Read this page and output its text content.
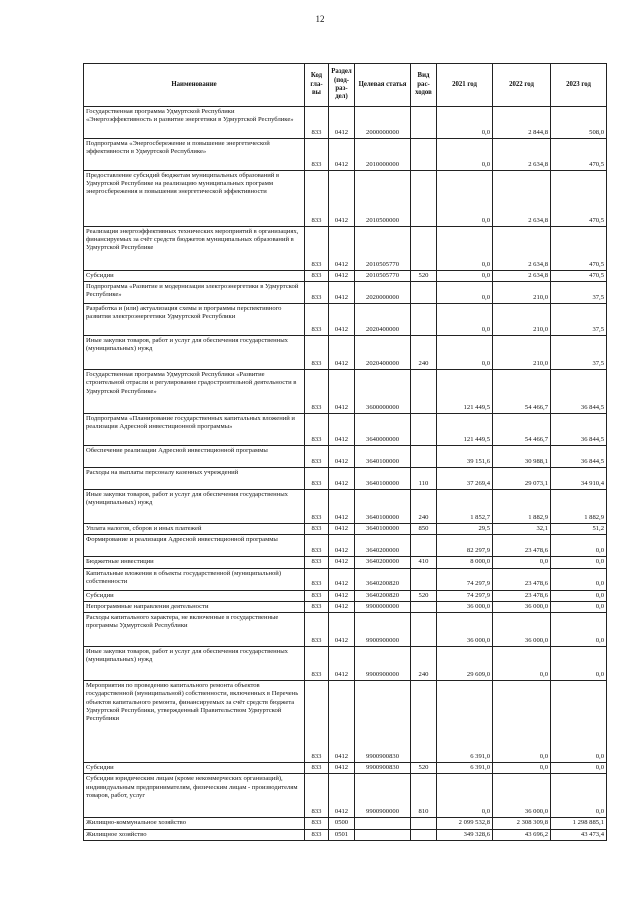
12
Наименование	Код гла-вы	Раздел (под-раз-дел)	Целевая статья	Вид рас-ходов	2021 год	2022 год	2023 год
Государственная программа Удмуртской Республики «Энергоэффективность и развитие энергетики в Удмуртской Республике»	833	0412	2000000000		0,0	2 844,8	508,0
Подпрограмма «Энергосбережение и повышение энергетической эффективности в Удмуртской Республике»	833	0412	2010000000		0,0	2 634,8	470,5
Предоставление субсидий бюджетам муниципальных образований в Удмуртской Республике на реализацию муниципальных программ энергосбережения и повышения энергетической эффективности	833	0412	2010500000		0,0	2 634,8	470,5
Реализация энергоэффективных технических мероприятий в организациях, финансируемых за счёт средств бюджетов муниципальных образований в Удмуртской Республике	833	0412	2010505770		0,0	2 634,8	470,5
Субсидии	833	0412	2010505770	520	0,0	2 634,8	470,5
Подпрограмма «Развитие и модернизация электроэнергетики в Удмуртской Республике»	833	0412	2020000000		0,0	210,0	37,5
Разработка и (или) актуализация схемы и программы перспективного развития электроэнергетики Удмуртской Республики	833	0412	2020400000		0,0	210,0	37,5
Иные закупки товаров, работ и услуг для обеспечения государственных (муниципальных) нужд	833	0412	2020400000	240	0,0	210,0	37,5
Государственная программа Удмуртской Республики «Развитие строительной отрасли и регулирование градостроительной деятельности в Удмуртской Республике»	833	0412	3600000000		121 449,5	54 466,7	36 844,5
Подпрограмма «Планирование государственных капитальных вложений и реализация Адресной инвестиционной программы»	833	0412	3640000000		121 449,5	54 466,7	36 844,5
Обеспечение реализации Адресной инвестиционной программы	833	0412	3640100000		39 151,6	30 988,1	36 844,5
Расходы на выплаты персоналу казенных учреждений	833	0412	3640100000	110	37 269,4	29 073,1	34 910,4
Иные закупки товаров, работ и услуг для обеспечения государственных (муниципальных) нужд	833	0412	3640100000	240	1 852,7	1 882,9	1 882,9
Уплата налогов, сборов и иных платежей	833	0412	3640100000	850	29,5	32,1	51,2
Формирование и реализация Адресной инвестиционной программы	833	0412	3640200000		82 297,9	23 478,6	0,0
Бюджетные инвестиции	833	0412	3640200000	410	8 000,0	0,0	0,0
Капитальные вложения в объекты государственной (муниципальной) собственности	833	0412	3640200820		74 297,9	23 478,6	0,0
Субсидии	833	0412	3640200820	520	74 297,9	23 478,6	0,0
Непрограммные направления деятельности	833	0412	9900000000		36 000,0	36 000,0	0,0
Расходы капитального характера, не включенные в государственные программы Удмуртской Республики	833	0412	9900900000		36 000,0	36 000,0	0,0
Иные закупки товаров, работ и услуг для обеспечения государственных (муниципальных) нужд	833	0412	9900900000	240	29 609,0	0,0	0,0
Мероприятия по проведению капитального ремонта объектов государственной (муниципальной) собственности, включенных в Перечень объектов капитального ремонта, финансируемых за счёт средств бюджета Удмуртской Республики, утвержденный Правительством Удмуртской Республики	833	0412	9900900830		6 391,0	0,0	0,0
Субсидии	833	0412	9900900830	520	6 391,0	0,0	0,0
Субсидии юридическим лицам (кроме некоммерческих организаций), индивидуальным предпринимателям, физическим лицам - производителям товаров, работ, услуг	833	0412	9900900000	810	0,0	36 000,0	0,0
Жилищно-коммунальное хозяйство	833	0500			2 099 532,8	2 308 309,8	1 298 885,1
Жилищное хозяйство	833	0501			349 328,6	43 696,2	43 473,4
